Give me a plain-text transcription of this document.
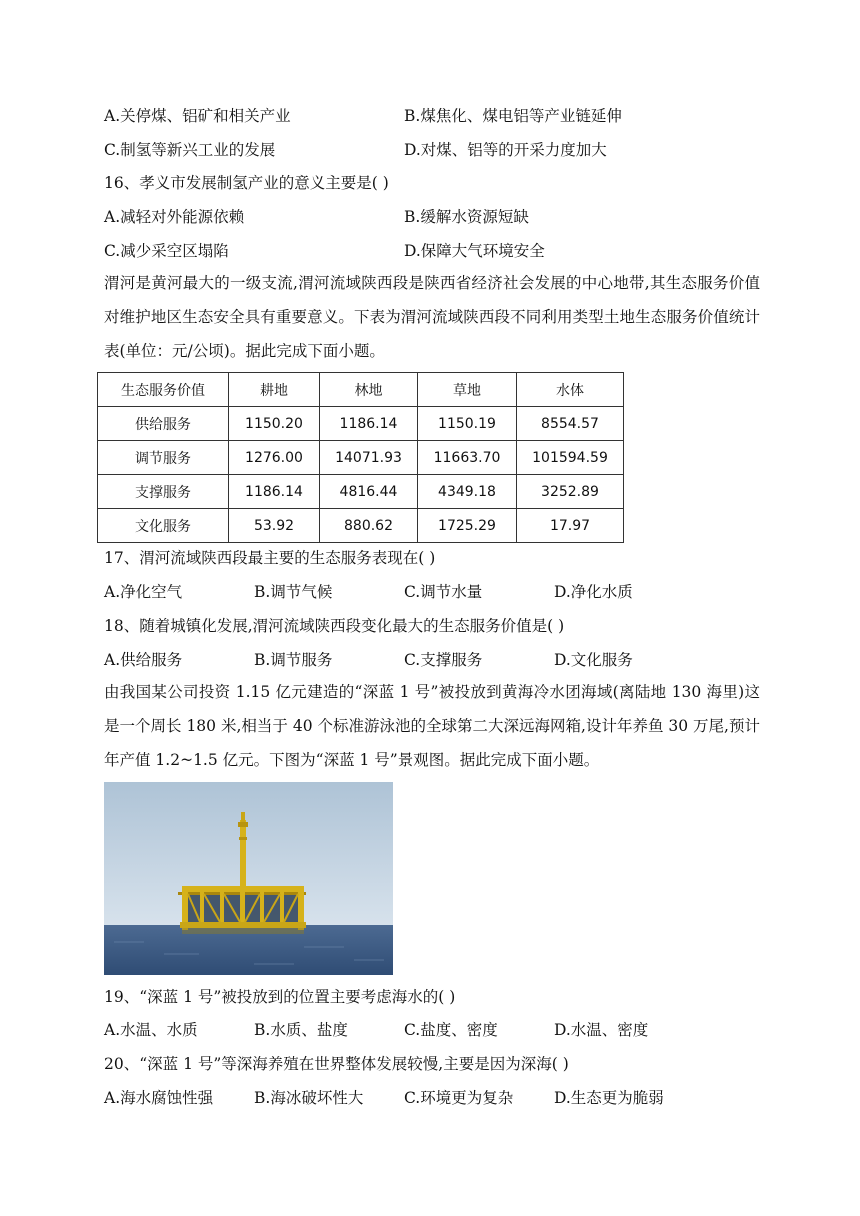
A.关停煤、铝矿和相关产业	B.煤焦化、煤电铝等产业链延伸
C.制氢等新兴工业的发展	D.对煤、铝等的开采力度加大
16、孝义市发展制氢产业的意义主要是( )
A.减轻对外能源依赖	B.缓解水资源短缺
C.减少采空区塌陷	D.保障大气环境安全
渭河是黄河最大的一级支流,渭河流域陕西段是陕西省经济社会发展的中心地带,其生态服务价值对维护地区生态安全具有重要意义。下表为渭河流域陕西段不同利用类型土地生态服务价值统计表(单位：元/公顷)。据此完成下面小题。
生态服务价值	耕地	林地	草地	水体
供给服务	1150.20	1186.14	1150.19	8554.57
调节服务	1276.00	14071.93	11663.70	101594.59
支撑服务	1186.14	4816.44	4349.18	3252.89
文化服务	53.92	880.62	1725.29	17.97
17、渭河流域陕西段最主要的生态服务表现在( )
A.净化空气	B.调节气候	C.调节水量	D.净化水质
18、随着城镇化发展,渭河流域陕西段变化最大的生态服务价值是( )
A.供给服务	B.调节服务	C.支撑服务	D.文化服务
由我国某公司投资 1.15 亿元建造的“深蓝 1 号”被投放到黄海冷水团海域(离陆地 130 海里)这是一个周长 180 米,相当于 40 个标准游泳池的全球第二大深远海网箱,设计年养鱼 30 万尾,预计年产值 1.2~1.5 亿元。下图为“深蓝 1 号”景观图。据此完成下面小题。
19、“深蓝 1 号”被投放到的位置主要考虑海水的( )
A.水温、水质	B.水质、盐度	C.盐度、密度	D.水温、密度
20、“深蓝 1 号”等深海养殖在世界整体发展较慢,主要是因为深海( )
A.海水腐蚀性强	B.海冰破坏性大	C.环境更为复杂	D.生态更为脆弱
